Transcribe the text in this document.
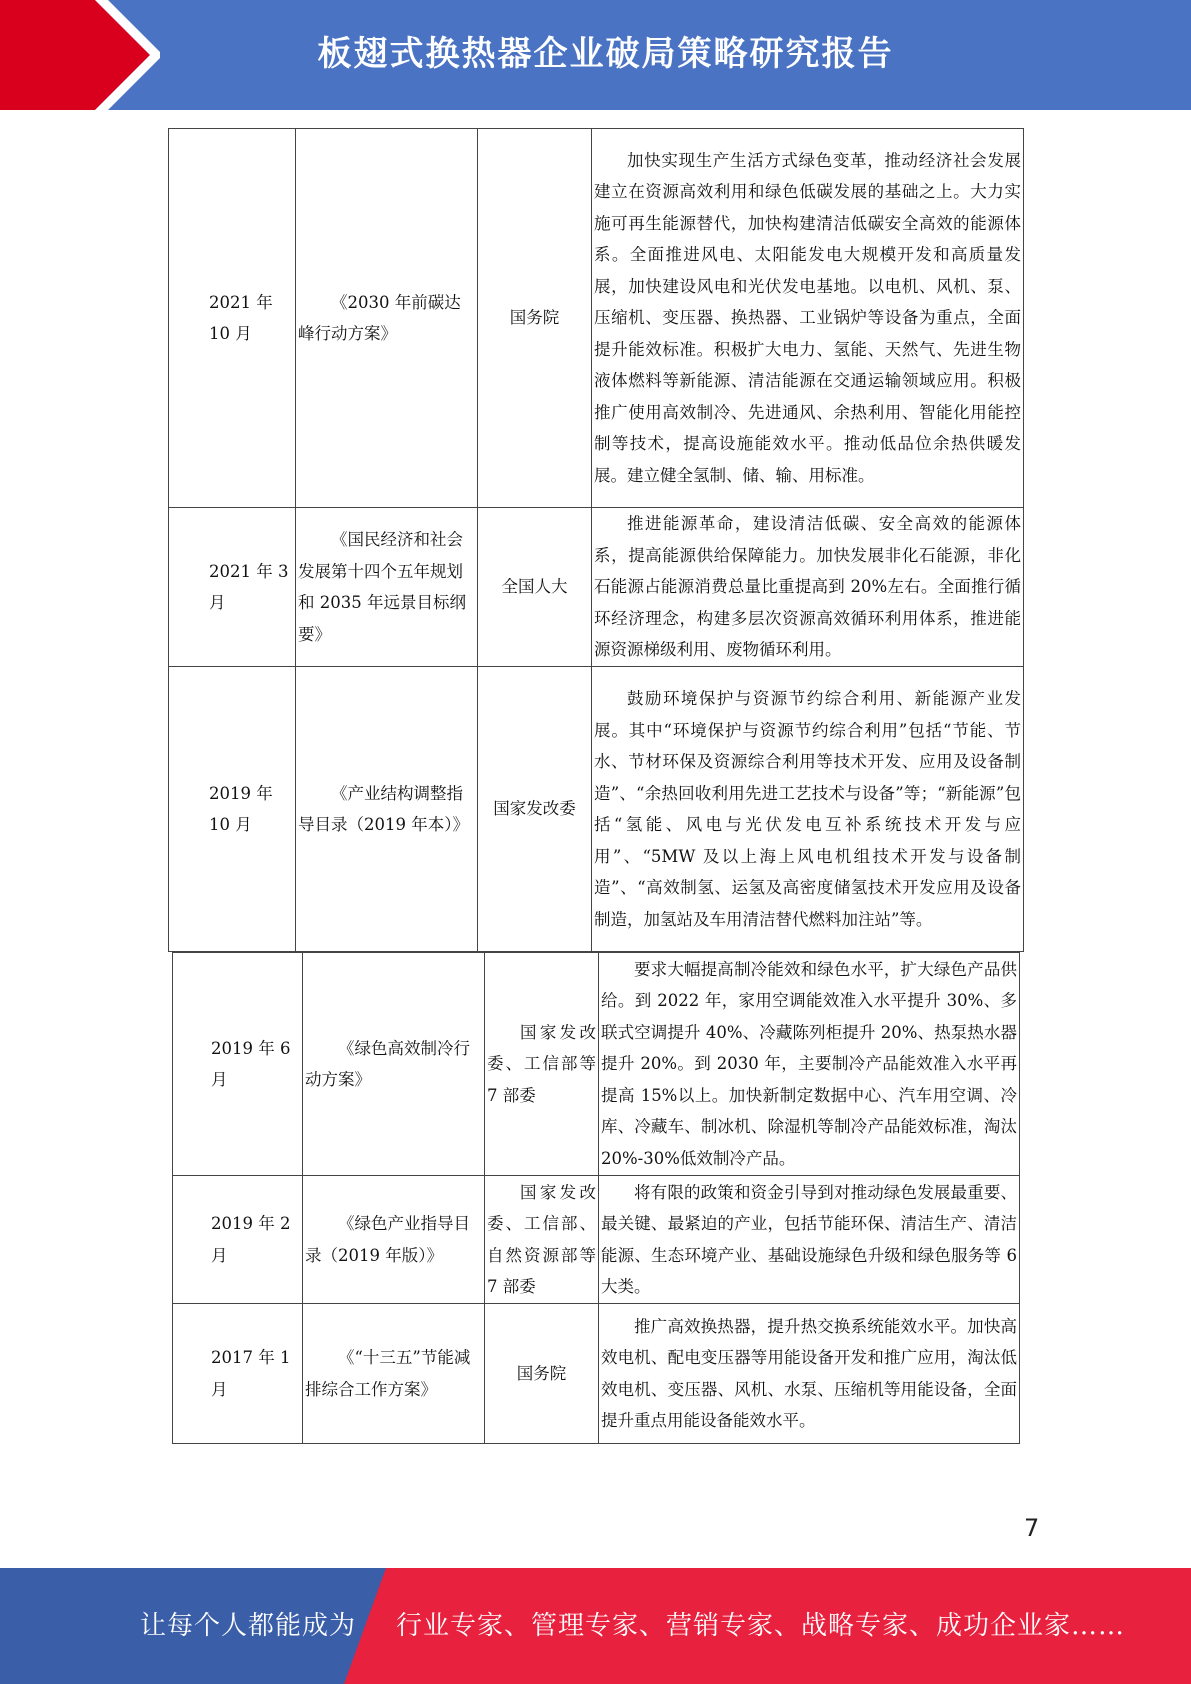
板翅式换热器企业破局策略研究报告
2021 年 10 月	《2030 年前碳达峰行动方案》	国务院	加快实现生产生活方式绿色变革，推动经济社会发展建立在资源高效利用和绿色低碳发展的基础之上。大力实施可再生能源替代，加快构建清洁低碳安全高效的能源体系。全面推进风电、太阳能发电大规模开发和高质量发展，加快建设风电和光伏发电基地。以电机、风机、泵、压缩机、变压器、换热器、工业锅炉等设备为重点，全面提升能效标准。积极扩大电力、氢能、天然气、先进生物液体燃料等新能源、清洁能源在交通运输领域应用。积极推广使用高效制冷、先进通风、余热利用、智能化用能控制等技术，提高设施能效水平。推动低品位余热供暖发展。建立健全氢制、储、输、用标准。

2021 年 3 月	《国民经济和社会发展第十四个五年规划和 2035 年远景目标纲要》	全国人大	推进能源革命，建设清洁低碳、安全高效的能源体系，提高能源供给保障能力。加快发展非化石能源，非化石能源占能源消费总量比重提高到 20%左右。全面推行循环经济理念，构建多层次资源高效循环利用体系，推进能源资源梯级利用、废物循环利用。

2019 年 10 月	《产业结构调整指导目录（2019 年本）》	国家发改委	鼓励环境保护与资源节约综合利用、新能源产业发展。其中“环境保护与资源节约综合利用”包括“节能、节水、节材环保及资源综合利用等技术开发、应用及设备制造”、“余热回收利用先进工艺技术与设备”等；“新能源”包括“氢能、风电与光伏发电互补系统技术开发与应用”、“5MW 及以上海上风电机组技术开发与设备制造”、“高效制氢、运氢及高密度储氢技术开发应用及设备制造，加氢站及车用清洁替代燃料加注站”等。
2019 年 6 月	《绿色高效制冷行动方案》	国家发改委、工信部等 7 部委	要求大幅提高制冷能效和绿色水平，扩大绿色产品供给。到 2022 年，家用空调能效准入水平提升 30%、多联式空调提升 40%、冷藏陈列柜提升 20%、热泵热水器提升 20%。到 2030 年，主要制冷产品能效准入水平再提高 15%以上。加快新制定数据中心、汽车用空调、冷库、冷藏车、制冰机、除湿机等制冷产品能效标准，淘汰 20%-30%低效制冷产品。

2019 年 2 月	《绿色产业指导目录（2019 年版）》	国家发改委、工信部、自然资源部等 7 部委	将有限的政策和资金引导到对推动绿色发展最重要、最关键、最紧迫的产业，包括节能环保、清洁生产、清洁能源、生态环境产业、基础设施绿色升级和绿色服务等 6 大类。

2017 年 1 月	《“十三五”节能减排综合工作方案》	国务院	推广高效换热器，提升热交换系统能效水平。加快高效电机、配电变压器等用能设备开发和推广应用，淘汰低效电机、变压器、风机、水泵、压缩机等用能设备，全面提升重点用能设备能效水平。
7
让每个人都能成为 行业专家、管理专家、营销专家、战略专家、成功企业家……
